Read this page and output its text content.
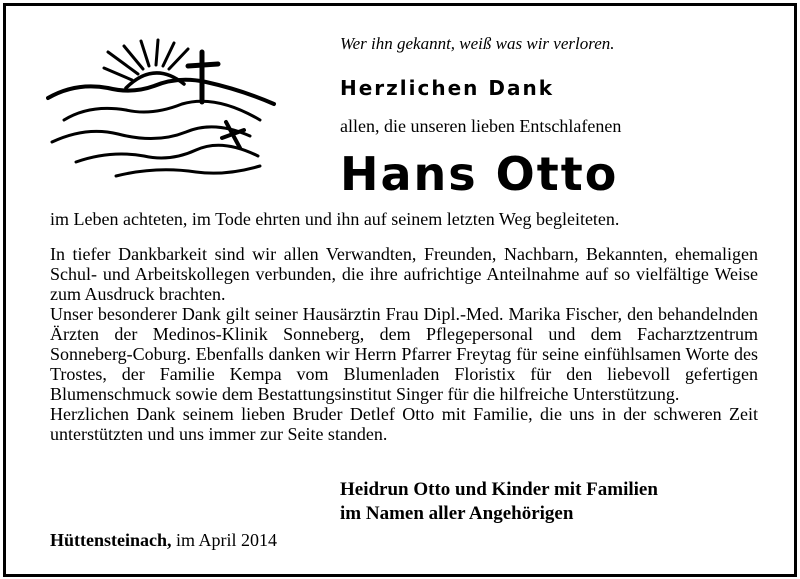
Wer ihn gekannt, weiß was wir verloren.
Herzlichen Dank
allen, die unseren lieben Entschlafenen
Hans Otto
im Leben achteten, im Tode ehrten und ihn auf seinem letzten Weg begleiteten.

In tiefer Dankbarkeit sind wir allen Verwandten, Freunden, Nachbarn, Bekannten, ehemaligen Schul- und Arbeitskollegen verbunden, die ihre aufrichtige Anteilnahme auf so vielfältige Weise zum Ausdruck brachten.

Unser besonderer Dank gilt seiner Hausärztin Frau Dipl.-Med. Marika Fischer, den behandelnden Ärzten der Medinos-Klinik Sonneberg, dem Pflegepersonal und dem Facharztzentrum Sonneberg-Coburg. Ebenfalls danken wir Herrn Pfarrer Freytag für seine einfühlsamen Worte des Trostes, der Familie Kempa vom Blumenladen Floristix für den liebevoll gefertigen Blumenschmuck sowie dem Bestattungsinstitut Singer für die hilfreiche Unterstützung.

Herzlichen Dank seinem lieben Bruder Detlef Otto mit Familie, die uns in der schweren Zeit unterstützten und uns immer zur Seite standen.

Heidrun Otto und Kinder mit Familien
im Namen aller Angehörigen
Hüttensteinach, im April 2014
